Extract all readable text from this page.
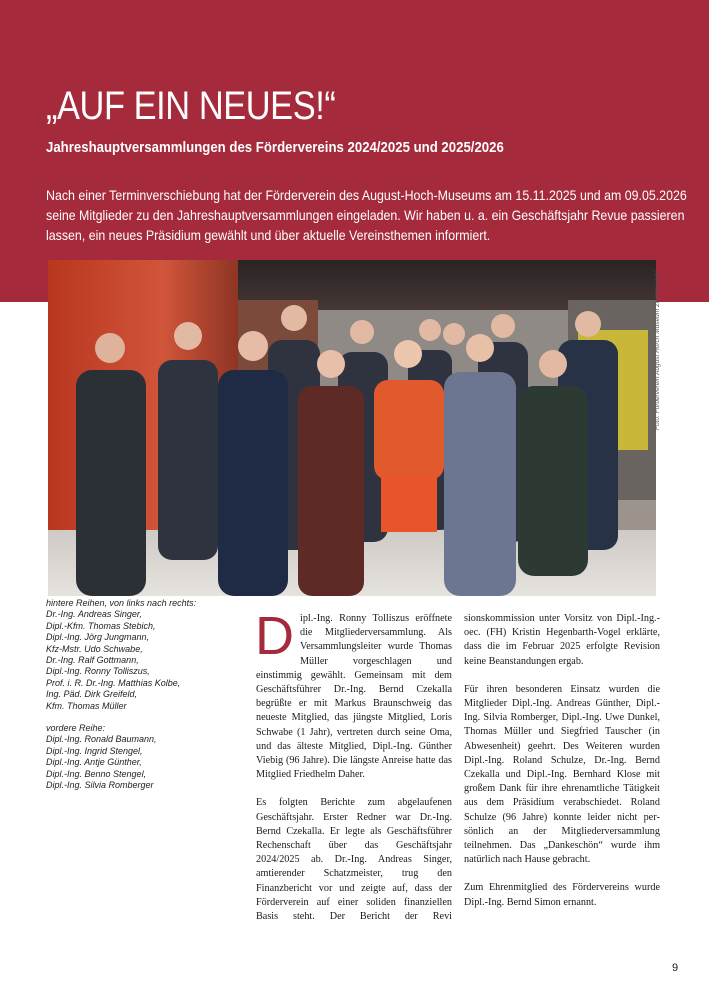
„AUF EIN NEUES!“
Jahreshauptversammlungen des Fördervereins 2024/2025 und 2025/2026

Nach einer Terminverschiebung hat der Förderverein des August-Hoch-Museums am 15.11.2025 und am 09.05.2026
seine Mitglieder zu den Jahreshauptversammlungen eingeladen. Wir haben u. a. ein Geschäftsjahr Revue passieren
lassen, ein neues Präsidium gewählt und über aktuelle Vereinsthemen informiert.

Foto: Förderverein August Horch Museum Zwickau e.V.
hintere Reihen, von links nach rechts:
Dr.-Ing. Andreas Singer,
Dipl.-Kfm. Thomas Stebich,
Dipl.-Ing. Jörg Jungmann,
Kfz-Mstr. Udo Schwabe,
Dr.-Ing. Ralf Gottmann,
Dipl.-Ing. Ronny Tolliszus,
Prof. i. R. Dr.-Ing. Matthias Kolbe,
Ing. Päd. Dirk Greifeld,
Kfm. Thomas Müller
vordere Reihe:
Dipl.-Ing. Ronald Baumann,
Dipl.-Ing. Ingrid Stengel,
Dipl.-Ing. Antje Günther,
Dipl.-Ing. Benno Stengel,
Dipl.-Ing. Silvia Romberger

Dipl.-Ing. Ronny Tolliszus eröffnete die Mitgliederversammlung. Als Versammlungsleiter wurde Thomas Müller vorgeschlagen und einstimmig gewählt. Gemeinsam mit dem Geschäftsführer Dr.-Ing. Bernd Czekalla begrüßte er mit Markus Braunschweig das neueste Mitglied, das jüngste Mitglied, Loris Schwabe (1 Jahr), vertreten durch seine Oma, und das älteste Mitglied, Dipl.-Ing. Günther Viebig (96 Jahre). Die längste Anreise hatte das Mitglied Friedhelm Daher.

Es folgten Berichte zum abgelaufenen Geschäftsjahr. Erster Redner war Dr.-Ing. Bernd Czekalla. Er legte als Geschäftsführer Rechenschaft über das Geschäftsjahr 2024/2025 ab. Dr.-Ing. Andreas Singer, amtierender Schatzmeister, trug den Finanzbericht vor und zeigte auf, dass der Förderverein auf einer soliden finanziellen Basis steht. Der Bericht der Revi

sionskommission unter Vorsitz von Dipl.-Ing.-oec. (FH) Kristin Hegenbarth-Vogel erklärte, dass die im Februar 2025 erfolgte Revision keine Beanstandungen ergab.

Für ihren besonderen Einsatz wurden die Mitglieder Dipl.-Ing. Andreas Günther, Dipl.-Ing. Silvia Romberger, Dipl.-Ing. Uwe Dunkel, Thomas Müller und Siegfried Tauscher (in Abwesenheit) geehrt. Des Weiteren wurden Dipl.-Ing. Roland Schulze, Dr.-Ing. Bernd Czekalla und Dipl.-Ing. Bernhard Klose mit großem Dank für ihre ehrenamtliche Tätigkeit aus dem Präsidium verabschiedet. Roland Schulze (96 Jahre) konnte leider nicht persönlich an der Mitgliederversammlung teilnehmen. Das „Dankeschön“ wurde ihm natürlich nach Hause gebracht.

Zum Ehrenmitglied des Fördervereins wurde Dipl.-Ing. Bernd Simon ernannt.

9
